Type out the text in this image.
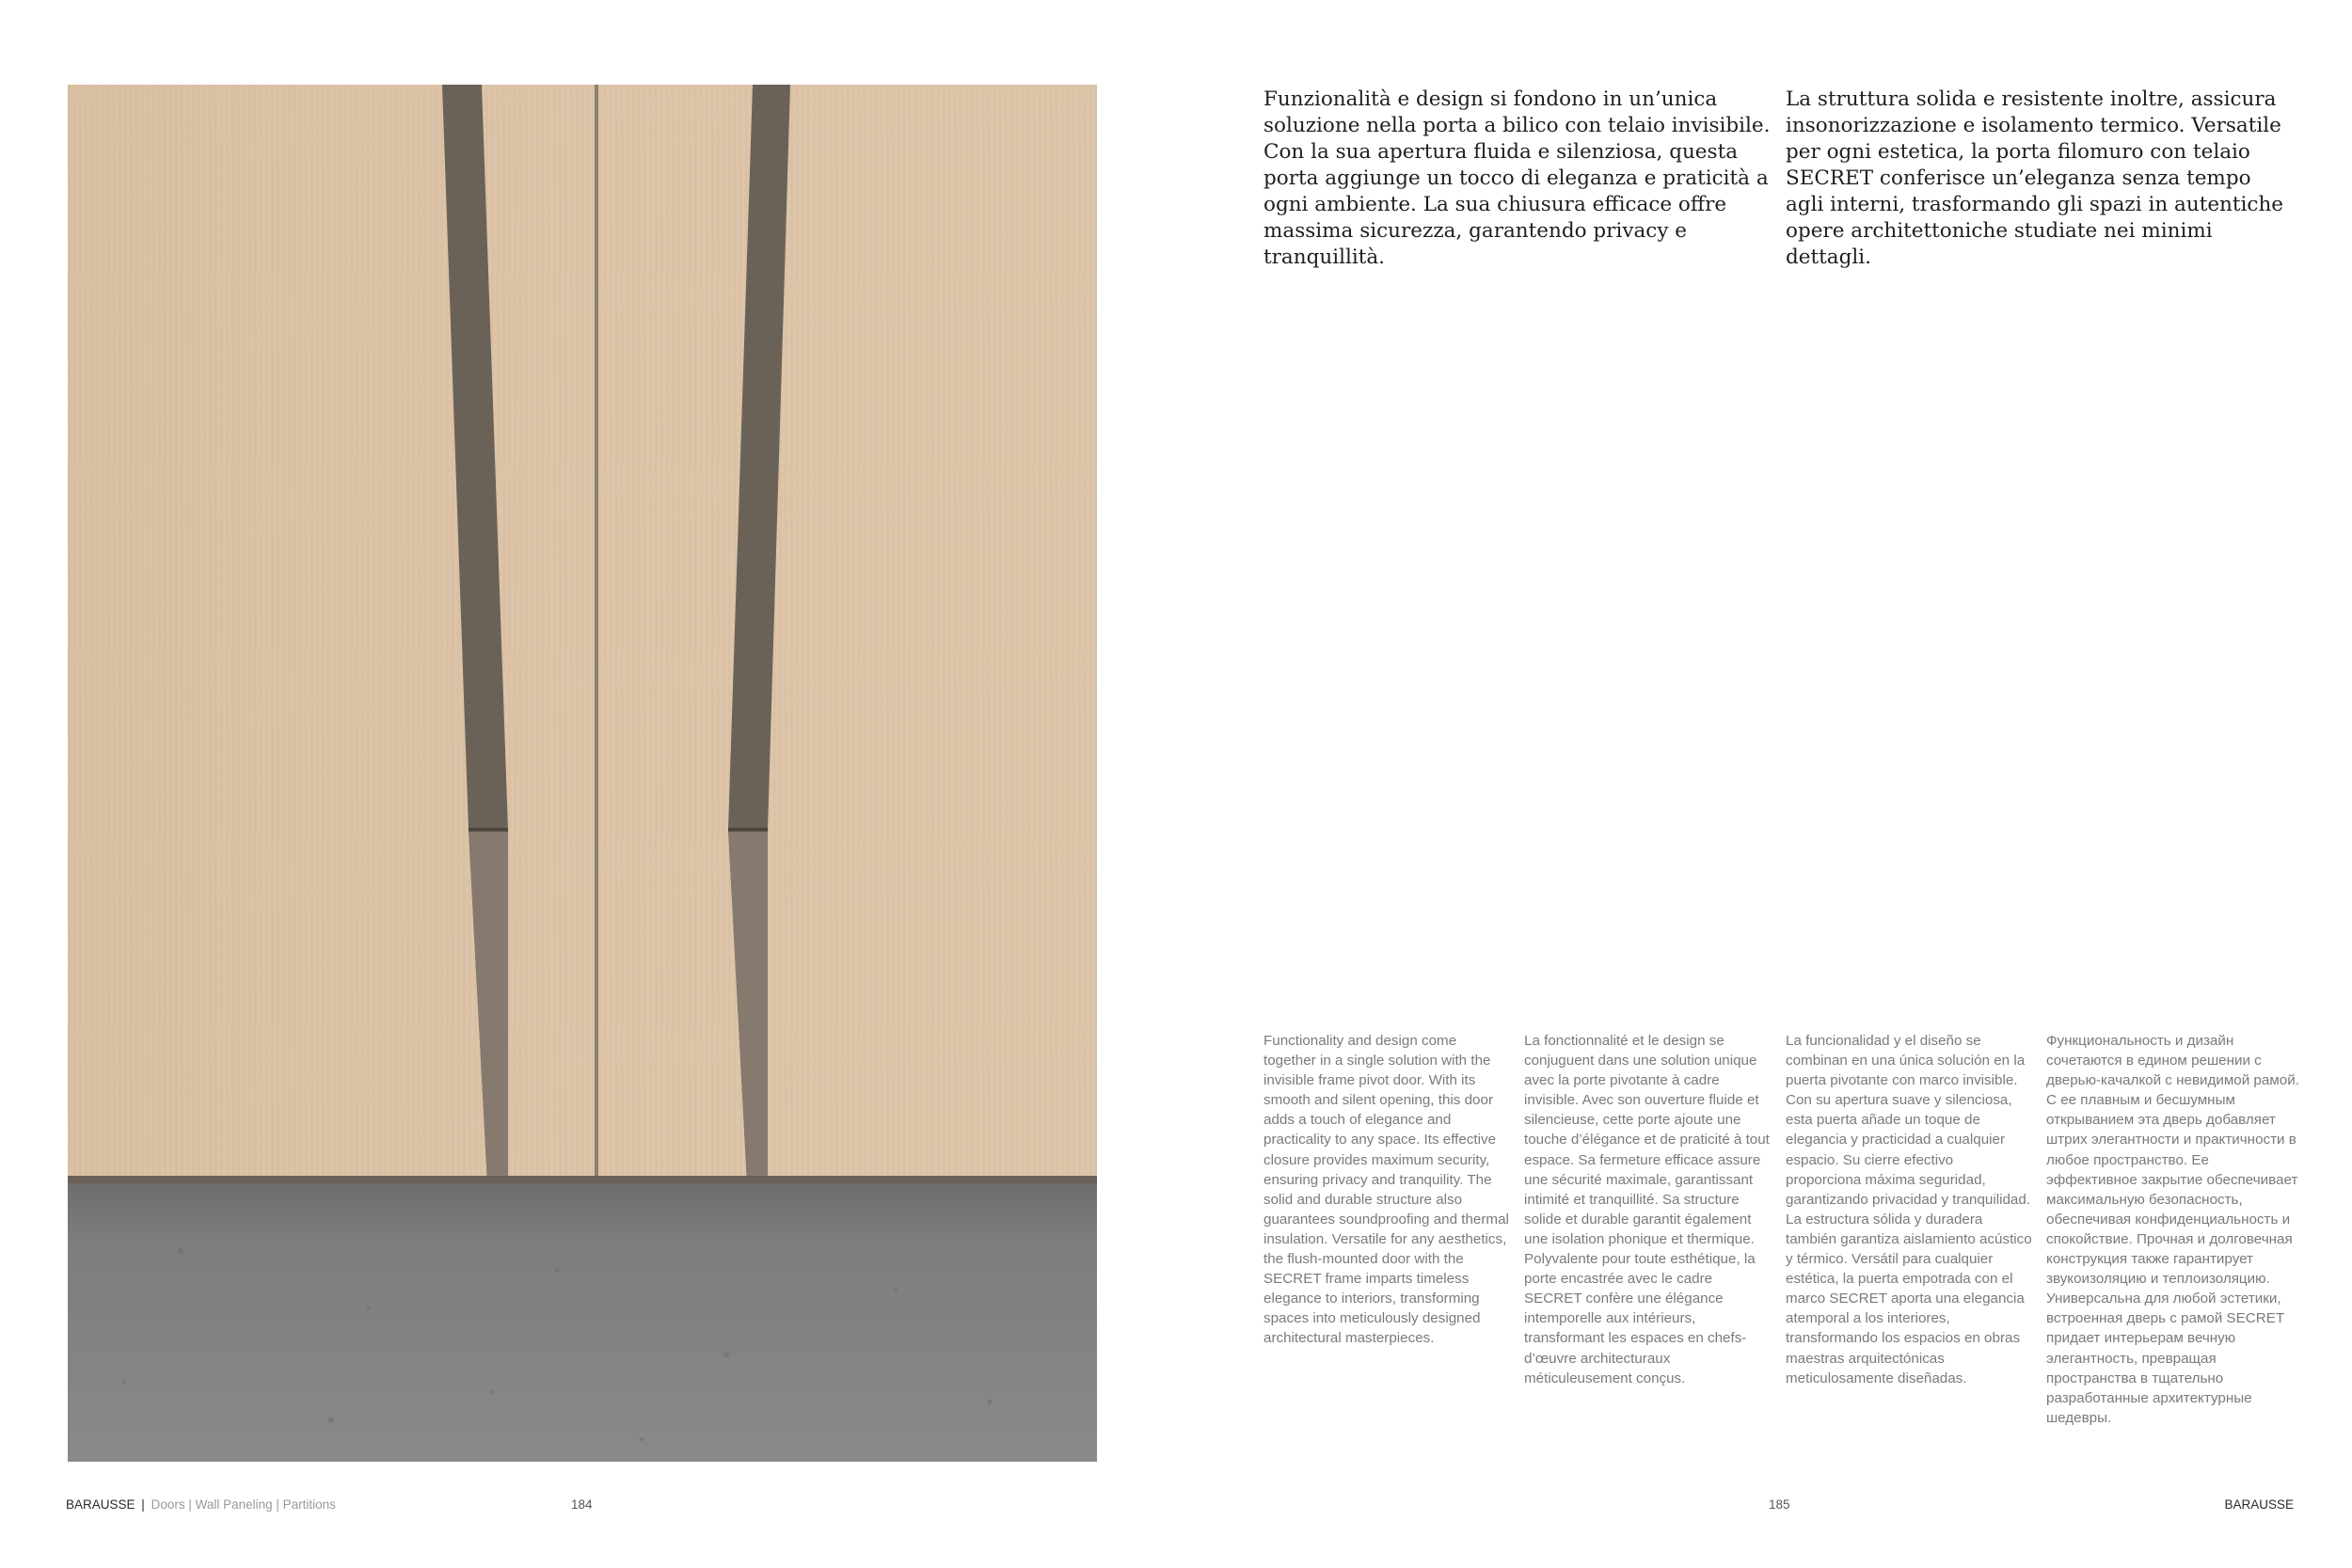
Funzionalità e design si fondono in un’unica soluzione nella porta a bilico con telaio invisibile. Con la sua apertura fluida e silenziosa, questa porta aggiunge un tocco di eleganza e praticità a ogni ambiente. La sua chiusura efficace offre massima sicurezza, garantendo privacy e tranquillità.

La struttura solida e resistente inoltre, assicura insonorizzazione e isolamento termico. Versatile per ogni estetica, la porta filomuro con telaio SECRET conferisce un’eleganza senza tempo agli interni, trasformando gli spazi in autentiche opere architettoniche studiate nei minimi dettagli.

Functionality and design come together in a single solution with the invisible frame pivot door. With its smooth and silent opening, this door adds a touch of elegance and practicality to any space. Its effective closure provides maximum security, ensuring privacy and tranquility. The solid and durable structure also guarantees soundproofing and thermal insulation. Versatile for any aesthetics, the flush-mounted door with the SECRET frame imparts timeless elegance to interiors, transforming spaces into meticulously designed architectural masterpieces.

La fonctionnalité et le design se conjuguent dans une solution unique avec la porte pivotante à cadre invisible. Avec son ouverture fluide et silencieuse, cette porte ajoute une touche d’élégance et de praticité à tout espace. Sa fermeture efficace assure une sécurité maximale, garantissant intimité et tranquillité. Sa structure solide et durable garantit également une isolation phonique et thermique. Polyvalente pour toute esthétique, la porte encastrée avec le cadre SECRET confère une élégance intemporelle aux intérieurs, transformant les espaces en chefs-d’œuvre architecturaux méticuleusement conçus.

La funcionalidad y el diseño se combinan en una única solución en la puerta pivotante con marco invisible. Con su apertura suave y silenciosa, esta puerta añade un toque de elegancia y practicidad a cualquier espacio. Su cierre efectivo proporciona máxima seguridad, garantizando privacidad y tranquilidad. La estructura sólida y duradera también garantiza aislamiento acústico y térmico. Versátil para cualquier estética, la puerta empotrada con el marco SECRET aporta una elegancia atemporal a los interiores, transformando los espacios en obras maestras arquitectónicas meticulosamente diseñadas.

Функциональность и дизайн сочетаются в едином решении с дверью-качалкой с невидимой рамой. С ее плавным и бесшумным открыванием эта дверь добавляет штрих элегантности и практичности в любое пространство. Ее эффективное закрытие обеспечивает максимальную безопасность, обеспечивая конфиденциальность и спокойствие. Прочная и долговечная конструкция также гарантирует звукоизоляцию и теплоизоляцию. Универсальна для любой эстетики, встроенная дверь с рамой SECRET придает интерьерам вечную элегантность, превращая пространства в тщательно разработанные архитектурные шедевры.

BARAUSSE | Doors | Wall Paneling | Partitions	184	185	BARAUSSE
